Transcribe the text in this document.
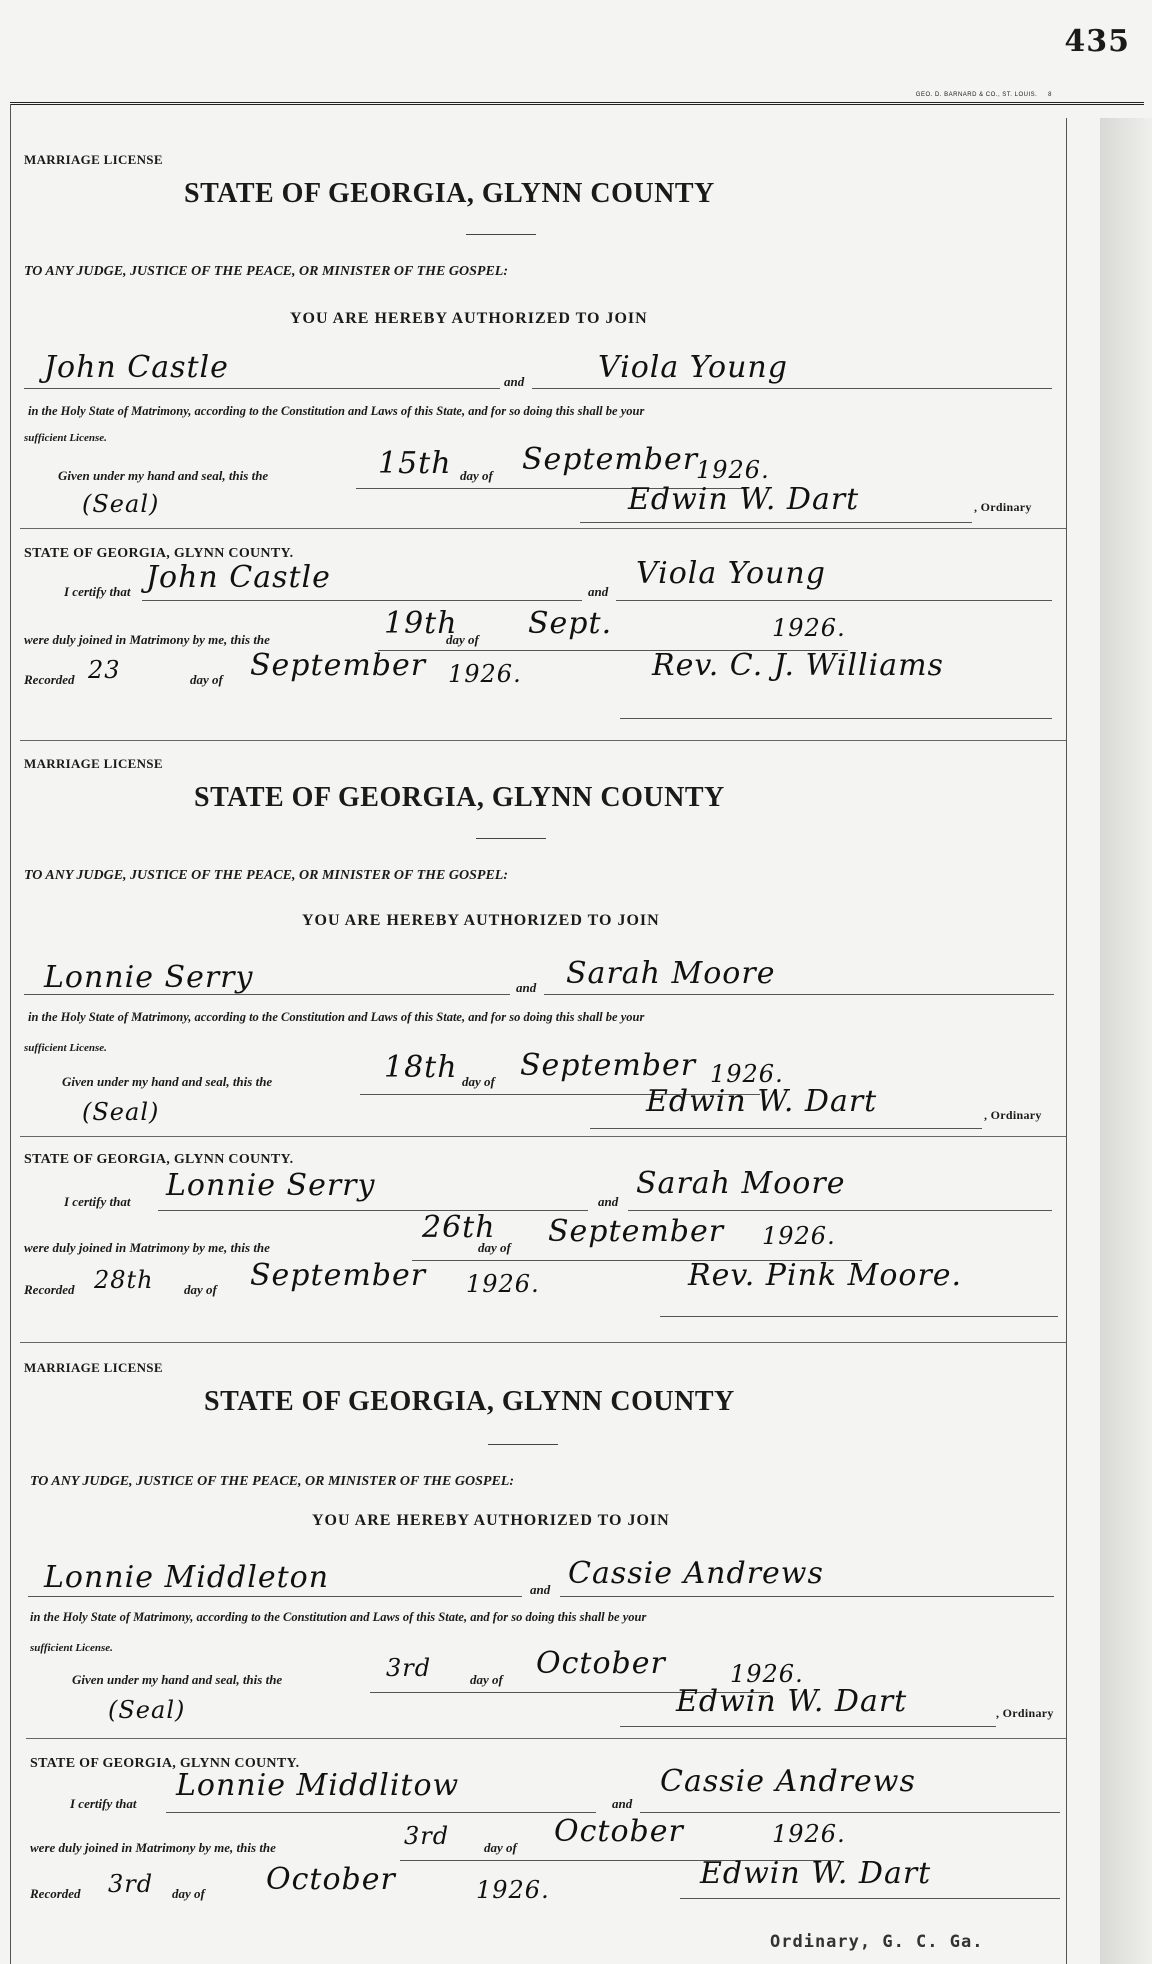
435
GEO. D. BARNARD & CO., ST. LOUIS. 8
MARRIAGE LICENSE
STATE OF GEORGIA, GLYNN COUNTY
TO ANY JUDGE, JUSTICE OF THE PEACE, OR MINISTER OF THE GOSPEL:
YOU ARE HEREBY AUTHORIZED TO JOIN
John Castle	and Viola Young
in the Holy State of Matrimony, according to the Constitution and Laws of this State, and for so doing this shall be your
sufficient License.
Given under my hand and seal, this the	15th day of September
1926.
(Seal)	Edwin W. Dart	, Ordinary
STATE OF GEORGIA, GLYNN COUNTY.
I certify that John Castle	and
Viola Young
were duly joined in Matrimony by me, this the	19th
day of Sept.	1926.
Recorded 23	day of September 1926.	Rev. C. J. Williams
MARRIAGE LICENSE
STATE OF GEORGIA, GLYNN COUNTY
TO ANY JUDGE, JUSTICE OF THE PEACE, OR MINISTER OF THE GOSPEL:
YOU ARE HEREBY AUTHORIZED TO JOIN
Lonnie Serry	and Sarah Moore
in the Holy State of Matrimony, according to the Constitution and Laws of this State, and for so doing this shall be your
sufficient License.
Given under my hand and seal, this the	18th day of September 1926.
(Seal)	Edwin W. Dart	, Ordinary
STATE OF GEORGIA, GLYNN COUNTY.
I certify that Lonnie Serry	and
Sarah Moore
were duly joined in Matrimony by me, this the
26th
day of September 1926.
Recorded 28th day of September 1926.	Rev. Pink Moore.
MARRIAGE LICENSE
STATE OF GEORGIA, GLYNN COUNTY
TO ANY JUDGE, JUSTICE OF THE PEACE, OR MINISTER OF THE GOSPEL:
YOU ARE HEREBY AUTHORIZED TO JOIN
Lonnie Middleton	and Cassie Andrews
in the Holy State of Matrimony, according to the Constitution and Laws of this State, and for so doing this shall be your
sufficient License.
Given under my hand and seal, this the	3rd	day of October	1926.
(Seal)	Edwin W. Dart	, Ordinary
STATE OF GEORGIA, GLYNN COUNTY.
I certify that
Lonnie Middlitow
and
Cassie Andrews
were duly joined in Matrimony by me, this the	3rd	day of October	1926.
Recorded 3rd day of October	1926.	Edwin W. Dart
Ordinary, G. C. Ga.
